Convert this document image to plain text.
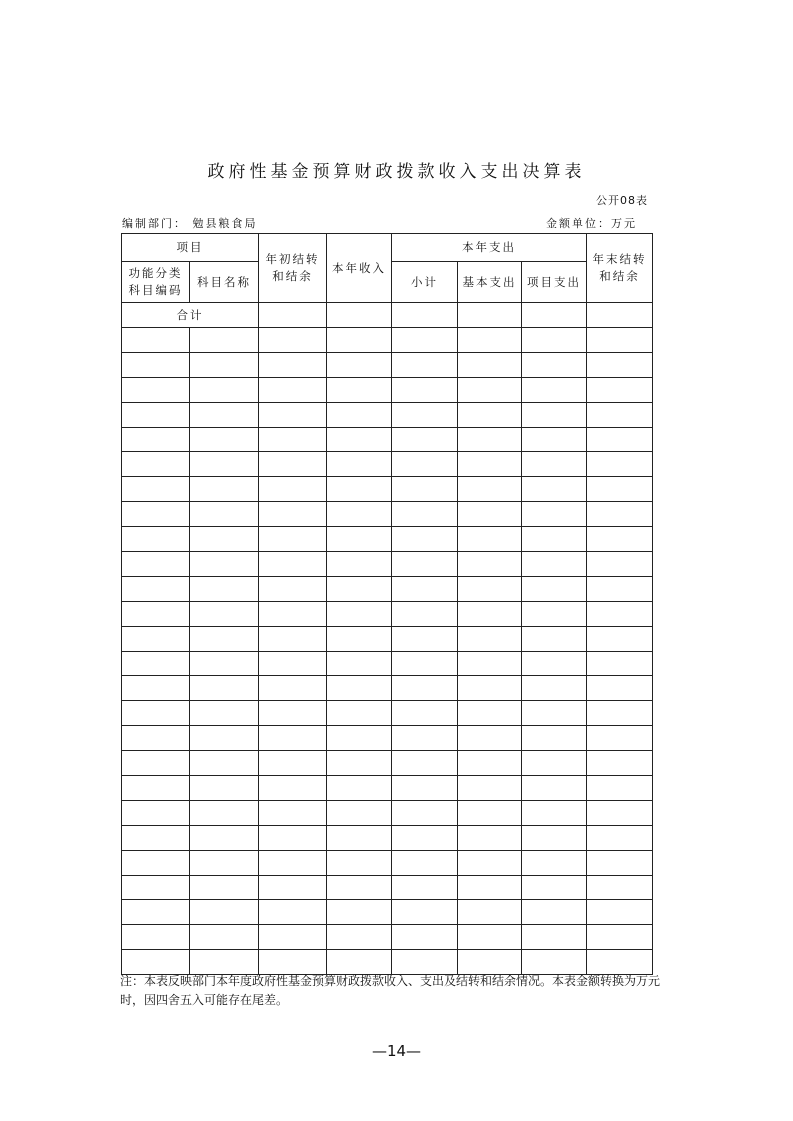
政府性基金预算财政拨款收入支出决算表
公开08表
编制部门： 勉县粮食局	金额单位：万元
项目		年初结转和结余	本年收入	本年支出			年末结转和结余
功能分类科目编码	科目名称			小计	基本支出	项目支出	
合计							

注：本表反映部门本年度政府性基金预算财政拨款收入、支出及结转和结余情况。本表金额转换为万元时，因四舍五入可能存在尾差。
—14—
